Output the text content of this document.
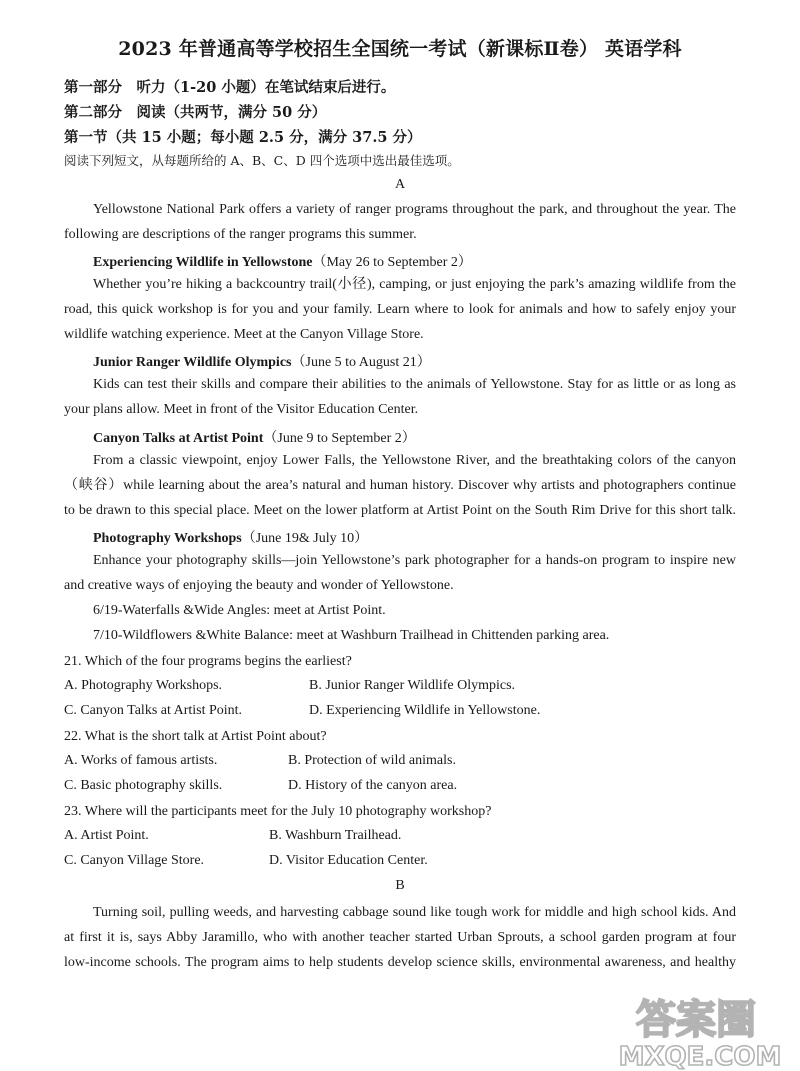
2023 年普通高等学校招生全国统一考试（新课标Ⅱ卷） 英语学科
第一部分　听力（1-20 小题）在笔试结束后进行。
第二部分　阅读（共两节，满分 50 分）
第一节（共 15 小题；每小题 2.5 分，满分 37.5 分）
阅读下列短文，从每题所给的 A、B、C、D 四个选项中选出最佳选项。
A
Yellowstone National Park offers a variety of ranger programs throughout the park, and throughout the year. The
following are descriptions of the ranger programs this summer.
Experiencing Wildlife in Yellowstone（May 26 to September 2）
Whether you’re hiking a backcountry trail(小径), camping, or just enjoying the park’s amazing wildlife from the
road, this quick workshop is for you and your family. Learn where to look for animals and how to safely enjoy your
wildlife watching experience. Meet at the Canyon Village Store.
Junior Ranger Wildlife Olympics（June 5 to August 21）
Kids can test their skills and compare their abilities to the animals of Yellowstone. Stay for as little or as long as
your plans allow. Meet in front of the Visitor Education Center.
Canyon Talks at Artist Point（June 9 to September 2）
From a classic viewpoint, enjoy Lower Falls, the Yellowstone River, and the breathtaking colors of the canyon
（峡谷）while learning about the area’s natural and human history. Discover why artists and photographers continue
to be drawn to this special place. Meet on the lower platform at Artist Point on the South Rim Drive for this short talk.
Photography Workshops（June 19& July 10）
Enhance your photography skills—join Yellowstone’s park photographer for a hands-on program to inspire new
and creative ways of enjoying the beauty and wonder of Yellowstone.
6/19-Waterfalls &Wide Angles: meet at Artist Point.
7/10-Wildflowers &White Balance: meet at Washburn Trailhead in Chittenden parking area.
21. Which of the four programs begins the earliest?
A. Photography Workshops.	B. Junior Ranger Wildlife Olympics.
C. Canyon Talks at Artist Point.	D. Experiencing Wildlife in Yellowstone.
22. What is the short talk at Artist Point about?
A. Works of famous artists.	B. Protection of wild animals.
C. Basic photography skills.	D. History of the canyon area.
23. Where will the participants meet for the July 10 photography workshop?
A. Artist Point.	B. Washburn Trailhead.
C. Canyon Village Store.	D. Visitor Education Center.
B
Turning soil, pulling weeds, and harvesting cabbage sound like tough work for middle and high school kids. And
at first it is, says Abby Jaramillo, who with another teacher started Urban Sprouts, a school garden program at four
low-income schools. The program aims to help students develop science skills, environmental awareness, and healthy
答案圈
MXQE.COM
